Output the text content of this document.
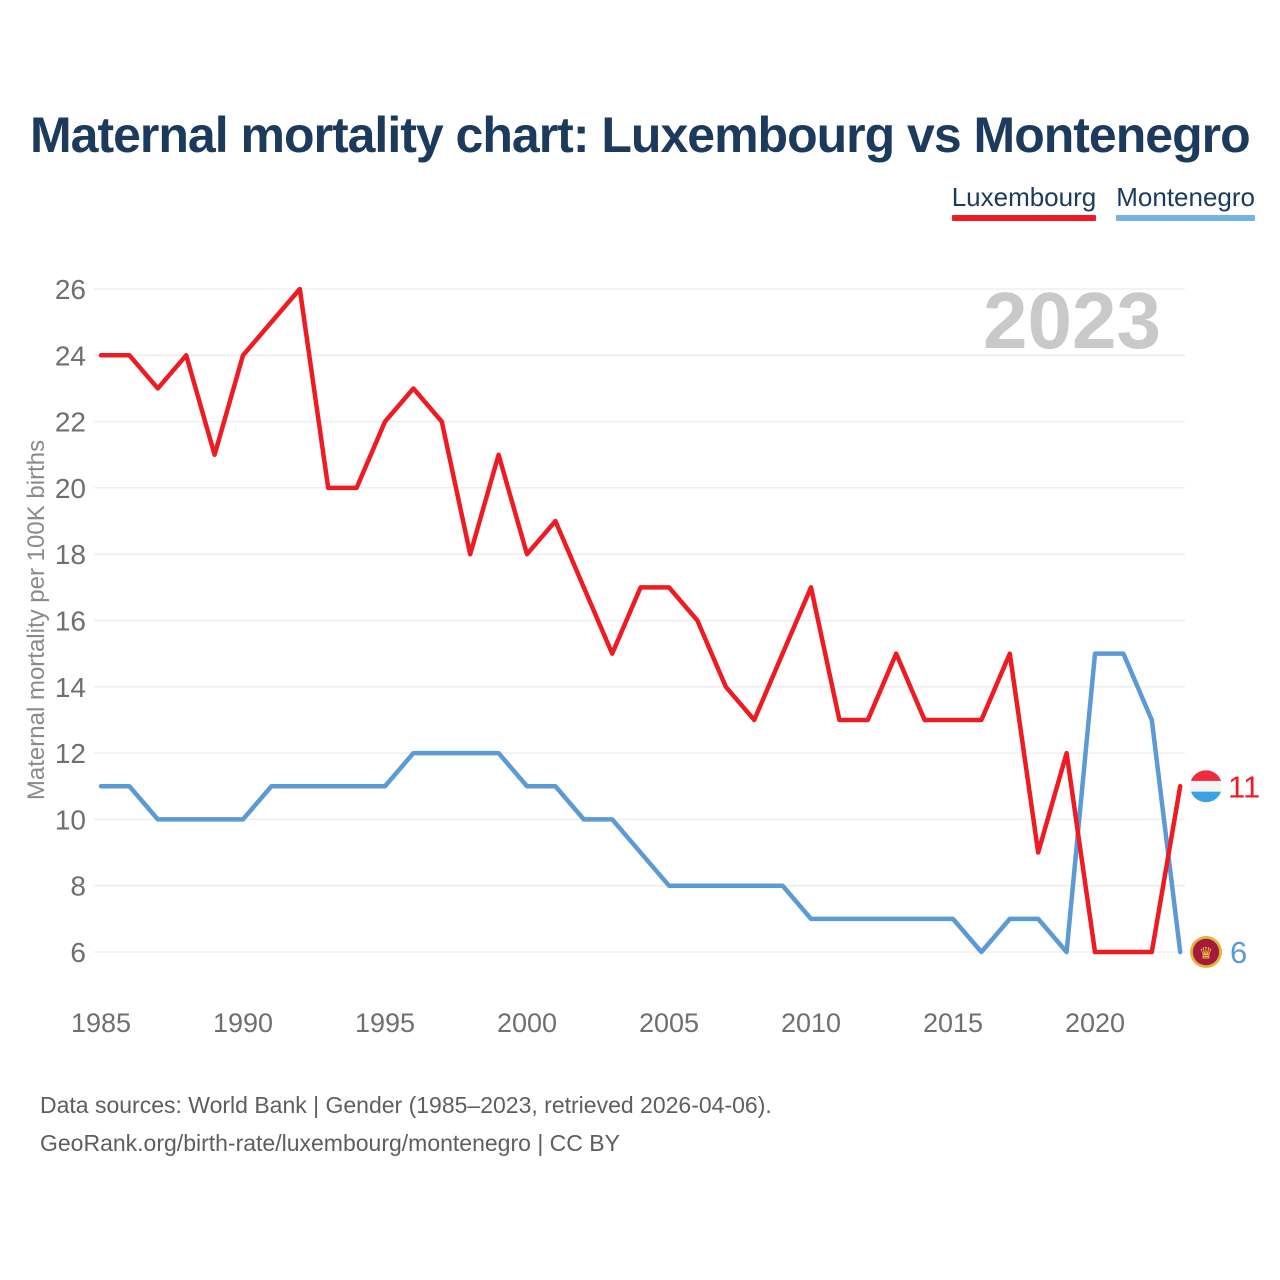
Maternal mortality chart: Luxembourg vs Montenegro
Luxembourg Montenegro
26
24
22
20
18
16
14
12
10
8
6
1985	1990	1995	2000	2005	2010	2015	2020
Maternal mortality per 100K births
2023
11
♛ 6
Data sources: World Bank | Gender (1985–2023, retrieved 2026-04-06).
GeoRank.org/birth-rate/luxembourg/montenegro | CC BY
